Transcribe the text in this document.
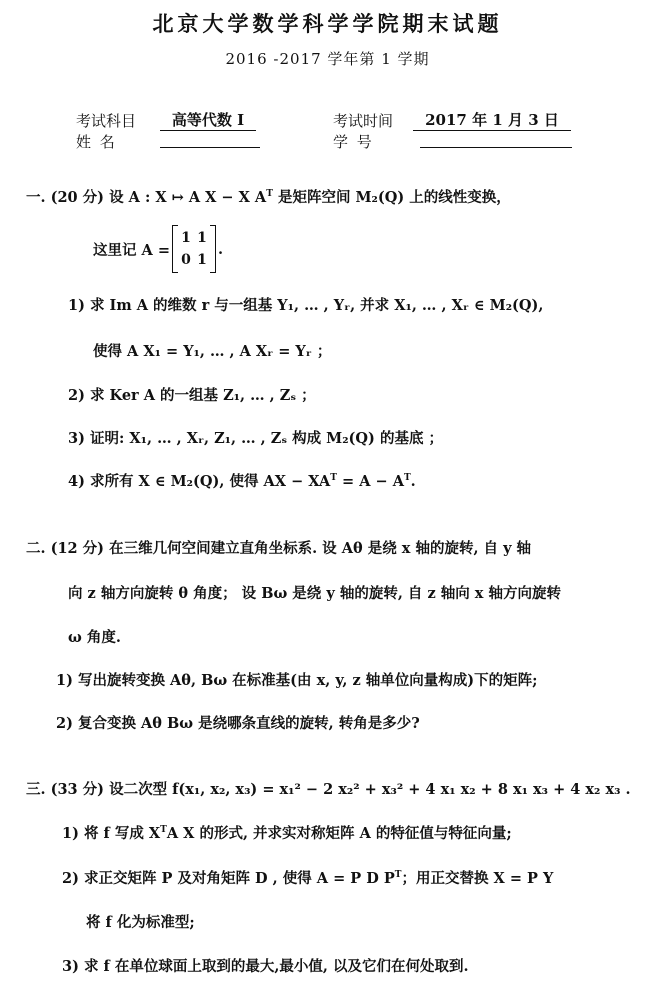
北京大学数学科学学院期末试题
2016 -2017 学年第 1 学期
考试科目	高等代数 I	考试时间	2017 年 1 月 3 日
姓 名	学 号
一. (20 分) 设 A : X ↦ A X − X $A^T$ 是矩阵空间 M₂(Q) 上的线性变换，
这里记 A =
1 1
0 1
.
1) 求 Im A 的维数 r 与一组基 Y₁, … , Yᵣ, 并求 X₁, … , Xᵣ ∈ M₂(Q),
使得 A X₁ = Y₁, … , A Xᵣ = Yᵣ ；
2) 求 Ker A 的一组基 Z₁, … , Zₛ ；
3) 证明: X₁, … , Xᵣ, Z₁, … , Zₛ 构成 M₂(Q) 的基底 ；
4) 求所有 X ∈ M₂(Q), 使得 AX − $XA^T = A - A^T$.
二. (12 分) 在三维几何空间建立直角坐标系. 设 Aθ 是绕 x 轴的旋转, 自 y 轴
向 z 轴方向旋转 θ 角度； 设 Bω 是绕 y 轴的旋转, 自 z 轴向 x 轴方向旋转
ω 角度.
1) 写出旋转变换 Aθ, Bω 在标准基(由 x, y, z 轴单位向量构成)下的矩阵;
2) 复合变换 Aθ Bω 是绕哪条直线的旋转, 转角是多少?
三. (33 分) 设二次型 f(x₁, x₂, x₃) = x₁² − 2 x₂² + x₃² + 4 x₁ x₂ + 8 x₁ x₃ + 4 x₂ x₃ .
1) 将 f 写成 $X^TA$ X 的形式, 并求实对称矩阵 A 的特征值与特征向量;
2) 求正交矩阵 P 及对角矩阵 D , 使得 A = P D $P^T$；用正交替换 X = P Y
将 f 化为标准型;
3) 求 f 在单位球面上取到的最大,最小值, 以及它们在何处取到.
